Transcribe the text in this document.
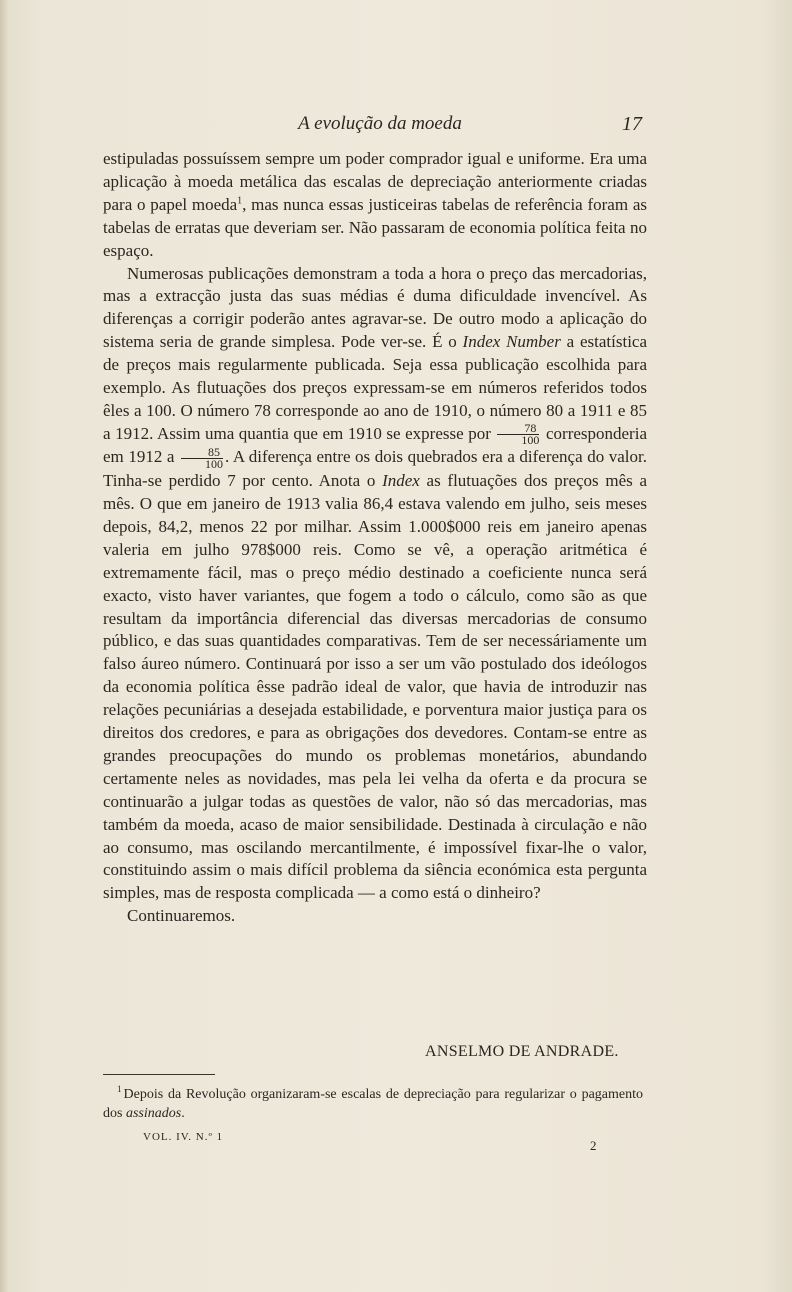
A evolução da moeda	17

estipuladas possuíssem sempre um poder comprador igual e uniforme. Era uma aplicação à moeda metálica das escalas de depreciação anteriormente criadas para o papel moeda$^1$, mas nunca essas justiceiras tabelas de referência foram as tabelas de erratas que deveriam ser. Não passaram de economia política feita no espaço.

Numerosas publicações demonstram a toda a hora o preço das mercadorias, mas a extracção justa das suas médias é duma dificuldade invencível. As diferenças a corrigir poderão antes agravar-se. De outro modo a aplicação do sistema seria de grande simplesa. Pode ver-se. É o Index Number a estatística de preços mais regularmente publicada. Seja essa publicação escolhida para exemplo. As flutuações dos preços expressam-se em números referidos todos êles a 100. O número 78 corresponde ao ano de 1910, o número 80 a 1911 e 85 a 1912. Assim uma quantia que em 1910 se expresse por $\frac{78}{100}$ corresponderia em 1912 a $\frac{85}{100}$ . A diferença entre os dois quebrados era a diferença do valor. Tinha-se perdido 7 por cento. Anota o Index as flutuações dos preços mês a mês. O que em janeiro de 1913 valia 86,4 estava valendo em julho, seis meses depois, 84,2, menos 22 por milhar. Assim 1.000$000 reis em janeiro apenas valeria em julho 978$000 reis. Como se vê, a operação aritmética é extremamente fácil, mas o preço médio destinado a coeficiente nunca será exacto, visto haver variantes, que fogem a todo o cálculo, como são as que resultam da importância diferencial das diversas mercadorias de consumo público, e das suas quantidades comparativas. Tem de ser necessáriamente um falso áureo número. Continuará por isso a ser um vão postulado dos ideólogos da economia política êsse padrão ideal de valor, que havia de introduzir nas relações pecuniárias a desejada estabilidade, e porventura maior justiça para os direitos dos credores, e para as obrigações dos devedores. Contam-se entre as grandes preocupações do mundo os problemas monetários, abundando certamente neles as novidades, mas pela lei velha da oferta e da procura se continuarão a julgar todas as questões de valor, não só das mercadorias, mas também da moeda, acaso de maior sensibilidade. Destinada à circulação e não ao consumo, mas oscilando mercantilmente, é impossível fixar-lhe o valor, constituindo assim o mais difícil problema da siência económica esta pergunta simples, mas de resposta complicada — a como está o dinheiro?

Continuaremos.

ANSELMO DE ANDRADE.
$^1$ Depois da Revolução organizaram-se escalas de depreciação para regularizar o pagamento dos assinados.
VOL. IV. N.º 1
2
